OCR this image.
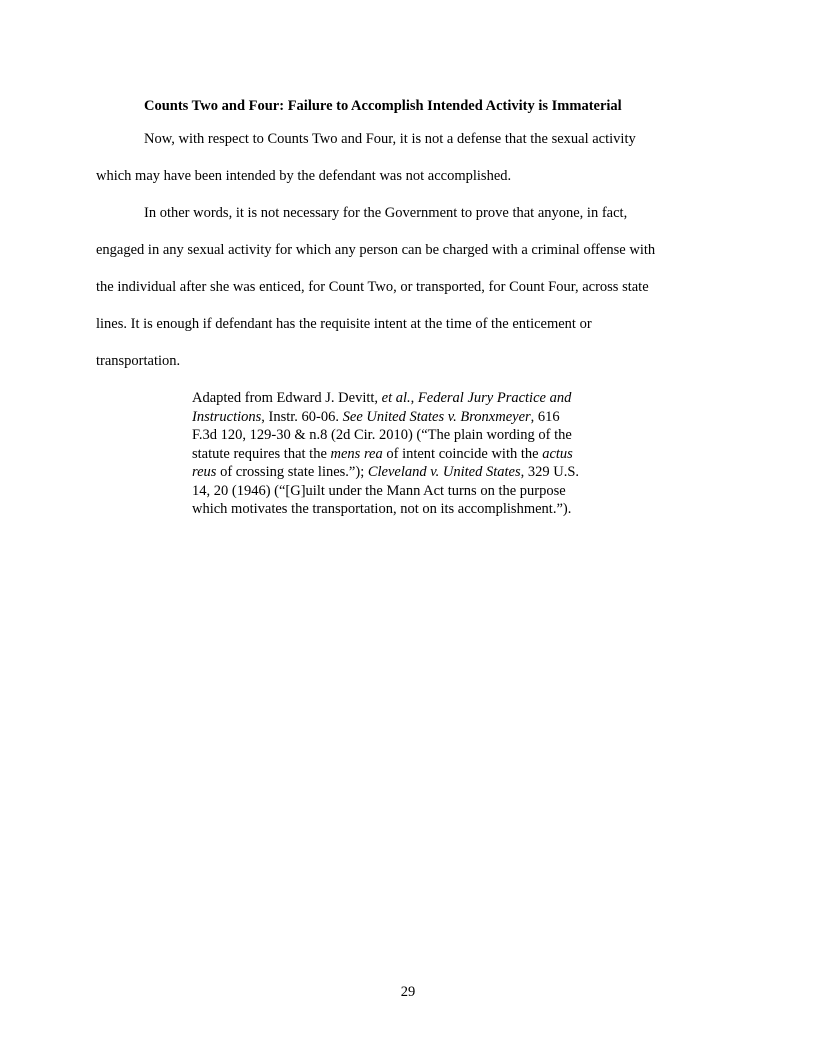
Counts Two and Four: Failure to Accomplish Intended Activity is Immaterial
Now, with respect to Counts Two and Four, it is not a defense that the sexual activity
which may have been intended by the defendant was not accomplished.
In other words, it is not necessary for the Government to prove that anyone, in fact,
engaged in any sexual activity for which any person can be charged with a criminal offense with
the individual after she was enticed, for Count Two, or transported, for Count Four, across state
lines. It is enough if defendant has the requisite intent at the time of the enticement or
transportation.
Adapted from Edward J. Devitt, et al., Federal Jury Practice and
Instructions, Instr. 60-06. See United States v. Bronxmeyer, 616
F.3d 120, 129-30 & n.8 (2d Cir. 2010) (“The plain wording of the
statute requires that the mens rea of intent coincide with the actus
reus of crossing state lines.”); Cleveland v. United States, 329 U.S.
14, 20 (1946) (“[G]uilt under the Mann Act turns on the purpose
which motivates the transportation, not on its accomplishment.”).
29
